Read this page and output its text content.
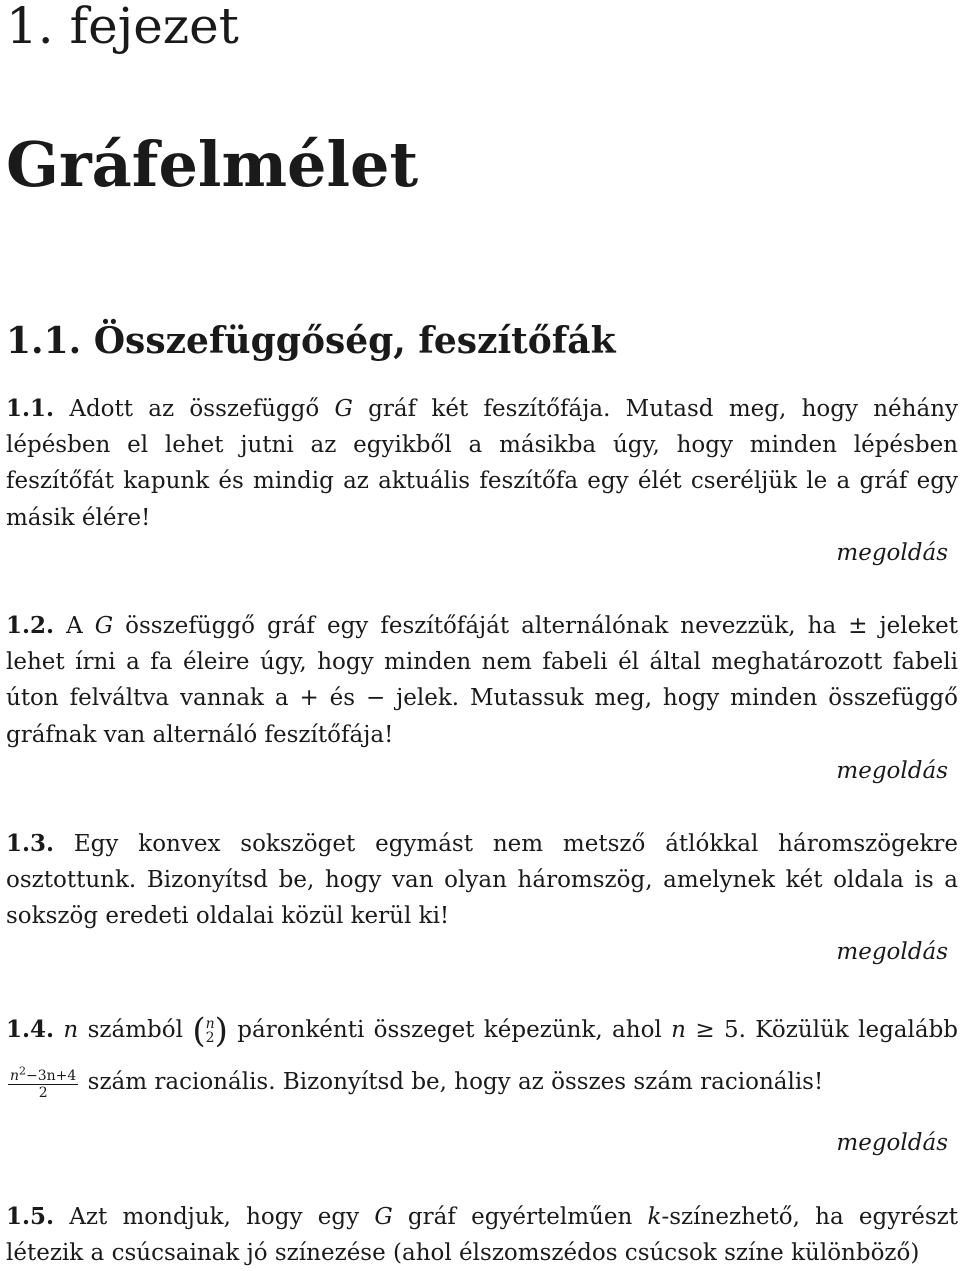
1. fejezet
Gráfelmélet
1.1. Összefüggőség, feszítőfák

1.1. Adott az összefüggő G gráf két feszítőfája. Mutasd meg, hogy néhány lépésben el lehet jutni az egyikből a másikba úgy, hogy minden lépésben feszítőfát kapunk és mindig az aktuális feszítőfa egy élét cseréljük le a gráf egy másik élére!

megoldás

1.2. A G összefüggő gráf egy feszítőfáját alternálónak nevezzük, ha ± jeleket lehet írni a fa éleire úgy, hogy minden nem fabeli él által meghatározott fabeli úton felváltva vannak a + és − jelek. Mutassuk meg, hogy minden összefüggő gráfnak van alternáló feszítőfája!

megoldás

1.3. Egy konvex sokszöget egymást nem metsző átlókkal háromszögekre osztottunk. Bizonyítsd be, hogy van olyan háromszög, amelynek két oldala is a sokszög eredeti oldalai közül kerül ki!

megoldás

1.4. n számból ( n
2 ) páronkénti összeget képezünk, ahol n ≥ 5. Közülük legalább
$\frac{n^2-3n+4}{2}$ szám racionális. Bizonyítsd be, hogy az összes szám racionális!

megoldás

1.5. Azt mondjuk, hogy egy G gráf egyértelműen k-színezhető, ha egyrészt létezik a csúcsainak jó színezése (ahol élszomszédos csúcsok színe különböző)
